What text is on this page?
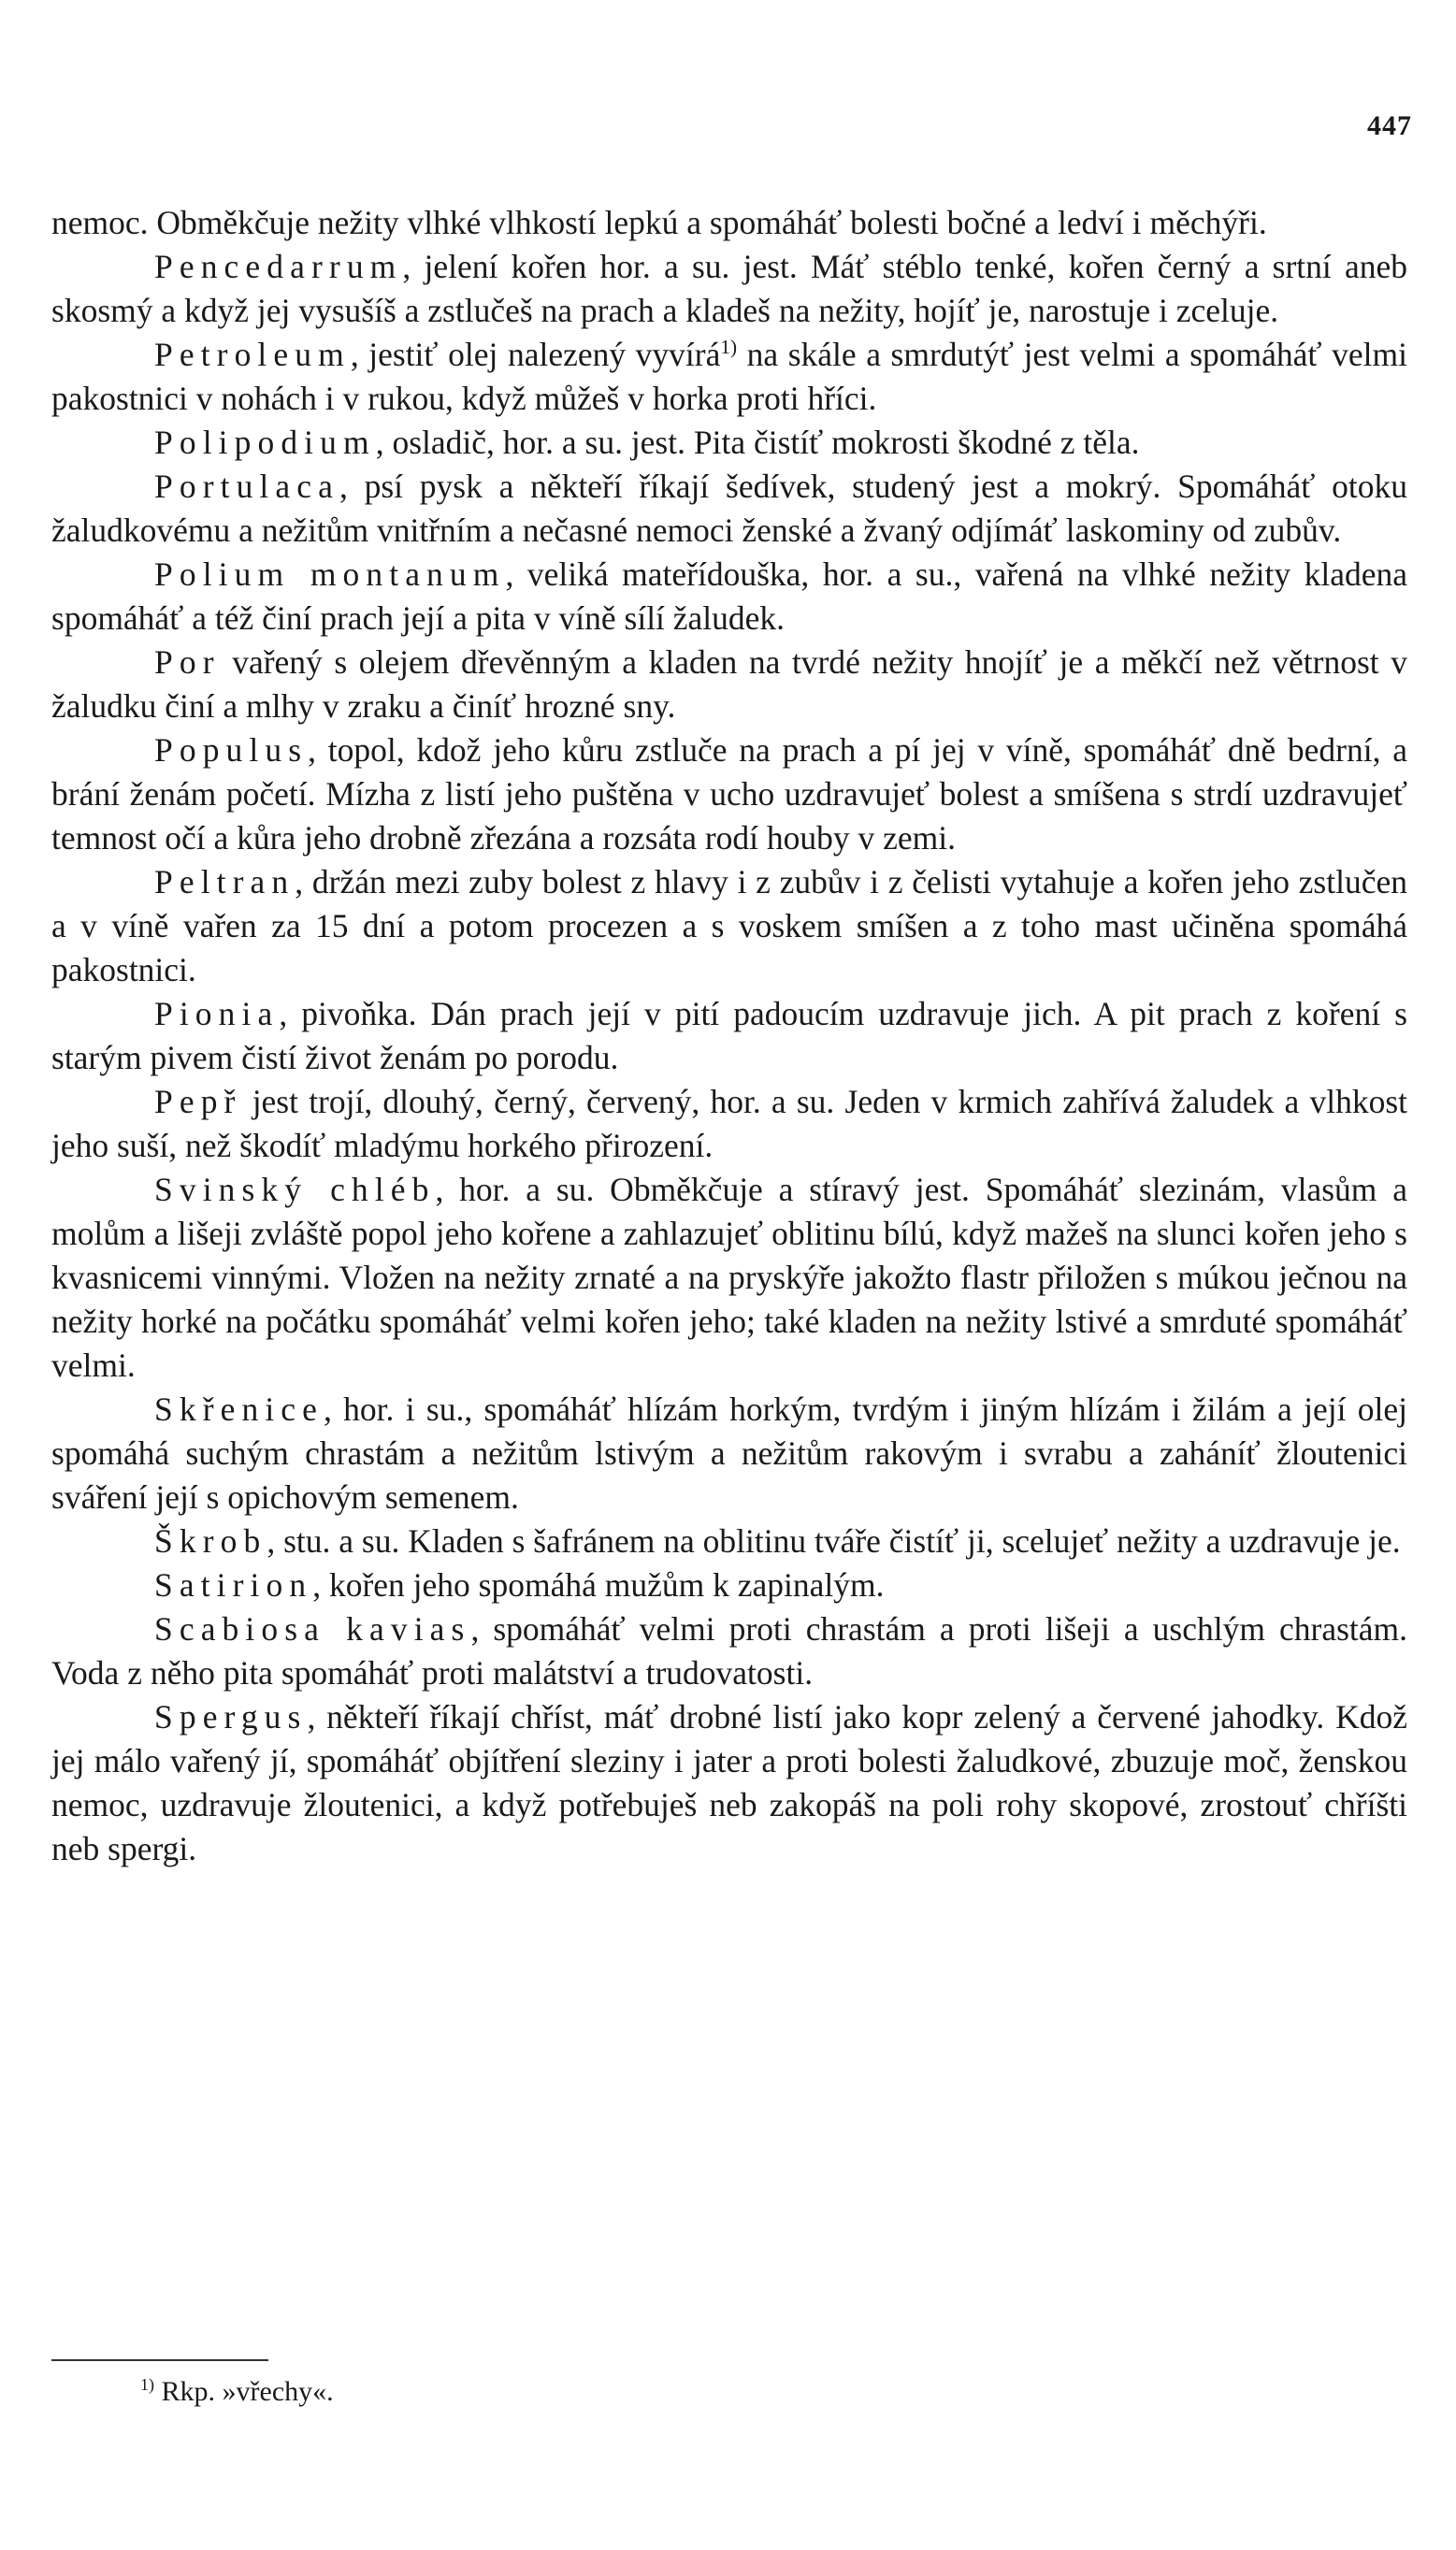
447

nemoc. Obměkčuje nežity vlhké vlhkostí lepkú a spomáháť bolesti bočné a ledví i měchýři.

Pencedarrum, jelení kořen hor. a su. jest. Máť stéblo tenké, kořen černý a srtní aneb skosmý a když jej vysušíš a zstlučeš na prach a kladeš na nežity, hojíť je, narostuje i zceluje.

Petroleum, jestiť olej nalezený vyvírá$^{1)}$ na skále a smrdutýť jest velmi a spomáháť velmi pakostnici v nohách i v rukou, když můžeš v horka proti hříci.

Polipodium, osladič, hor. a su. jest. Pita čistíť mokrosti škodné z těla.

Portulaca, psí pysk a někteří říkají šedívek, studený jest a mokrý. Spomáháť otoku žaludkovému a nežitům vnitřním a nečasné nemoci ženské a žvaný odjímáť laskominy od zubův.

Polium montanum, veliká mateřídouška, hor. a su., vařená na vlhké nežity kladena spomáháť a též činí prach její a pita v víně sílí žaludek.

Por vařený s olejem dřevěnným a kladen na tvrdé nežity hnojíť je a měkčí než větrnost v žaludku činí a mlhy v zraku a činíť hrozné sny.

Populus, topol, kdož jeho kůru zstluče na prach a pí jej v víně, spomáháť dně bedrní, a brání ženám početí. Mízha z listí jeho puštěna v ucho uzdravujeť bolest a smíšena s strdí uzdravujeť temnost očí a kůra jeho drobně zřezána a rozsáta rodí houby v zemi.

Peltran, držán mezi zuby bolest z hlavy i z zubův i z čelisti vytahuje a kořen jeho zstlučen a v víně vařen za 15 dní a potom procezen a s voskem smíšen a z toho mast učiněna spomáhá pakostnici.

Pionia, pivoňka. Dán prach její v pití padoucím uzdravuje jich. A pit prach z koření s starým pivem čistí život ženám po porodu.

Pepř jest trojí, dlouhý, černý, červený, hor. a su. Jeden v krmich zahřívá žaludek a vlhkost jeho suší, než škodíť mladýmu horkého přirození.

Svinský chléb, hor. a su. Obměkčuje a stíravý jest. Spomáháť slezinám, vlasům a molům a lišeji zvláště popol jeho kořene a zahlazujeť oblitinu bílú, když mažeš na slunci kořen jeho s kvasnicemi vinnými. Vložen na nežity zrnaté a na pryskýře jakožto flastr přiložen s múkou ječnou na nežity horké na počátku spomáháť velmi kořen jeho; také kladen na nežity lstivé a smrduté spomáháť velmi.

Skřenice, hor. i su., spomáháť hlízám horkým, tvrdým i jiným hlízám i žilám a její olej spomáhá suchým chrastám a nežitům lstivým a nežitům rakovým i svrabu a zaháníť žloutenici sváření její s opichovým semenem.

Škrob, stu. a su. Kladen s šafránem na oblitinu tváře čistíť ji, scelujeť nežity a uzdravuje je.

Satirion, kořen jeho spomáhá mužům k zapinalým.

Scabiosa kavias, spomáháť velmi proti chrastám a proti lišeji a uschlým chrastám. Voda z něho pita spomáháť proti malátství a trudovatosti.

Spergus, někteří říkají chříst, máť drobné listí jako kopr zelený a červené jahodky. Kdož jej málo vařený jí, spomáháť objítření sleziny i jater a proti bolesti žaludkové, zbuzuje moč, ženskou nemoc, uzdravuje žloutenici, a když potřebuješ neb zakopáš na poli rohy skopové, zrostouť chříšti neb spergi.

$^{1)}$ Rkp. »vřechy«.
